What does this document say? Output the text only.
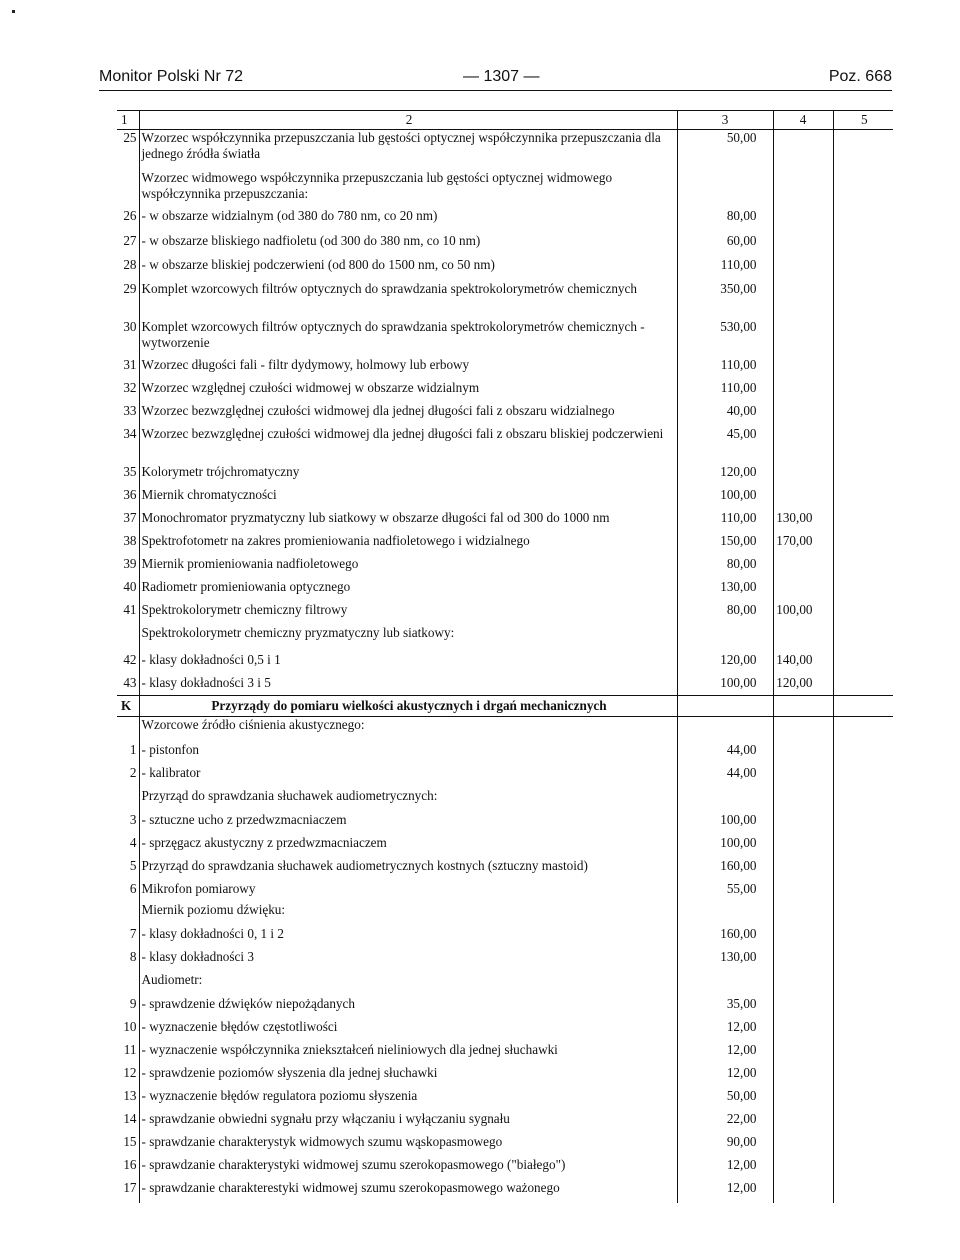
Monitor Polski Nr 72	— 1307 —	Poz. 668
1	2	3	4	5
25	Wzorzec współczynnika przepuszczania lub gęstości optycznej współczynnika przepuszczania dla jednego źródła światła	50,00		
	Wzorzec widmowego współczynnika przepuszczania lub gęstości optycznej widmowego współczynnika przepuszczania:			
26	- w obszarze widzialnym (od 380 do 780 nm, co 20 nm)	80,00		
27	- w obszarze bliskiego nadfioletu (od 300 do 380 nm, co 10 nm)	60,00		
28	- w obszarze bliskiej podczerwieni (od 800 do 1500 nm, co 50 nm)	110,00		
29	Komplet wzorcowych filtrów optycznych do sprawdzania spektrokolorymetrów chemicznych	350,00		
30	Komplet wzorcowych filtrów optycznych do sprawdzania spektrokolorymetrów chemicznych - wytworzenie	530,00		
31	Wzorzec długości fali - filtr dydymowy, holmowy lub erbowy	110,00		
32	Wzorzec względnej czułości widmowej w obszarze widzialnym	110,00		
33	Wzorzec bezwzględnej czułości widmowej dla jednej długości fali z obszaru widzialnego	40,00		
34	Wzorzec bezwzględnej czułości widmowej dla jednej długości fali z obszaru bliskiej podczerwieni	45,00		
35	Kolorymetr trójchromatyczny	120,00		
36	Miernik chromatyczności	100,00		
37	Monochromator pryzmatyczny lub siatkowy w obszarze długości fal od 300 do 1000 nm	110,00	130,00	
38	Spektrofotometr na zakres promieniowania nadfioletowego i widzialnego	150,00	170,00	
39	Miernik promieniowania nadfioletowego	80,00		
40	Radiometr promieniowania optycznego	130,00		
41	Spektrokolorymetr chemiczny filtrowy	80,00	100,00	
	Spektrokolorymetr chemiczny pryzmatyczny lub siatkowy:			
42	- klasy dokładności 0,5 i 1	120,00	140,00	
43	- klasy dokładności 3 i 5	100,00	120,00	
K	Przyrządy do pomiaru wielkości akustycznych i drgań mechanicznych			
	Wzorcowe źródło ciśnienia akustycznego:			
1	- pistonfon	44,00		
2	- kalibrator	44,00		
	Przyrząd do sprawdzania słuchawek audiometrycznych:			
3	- sztuczne ucho z przedwzmacniaczem	100,00		
4	- sprzęgacz akustyczny z przedwzmacniaczem	100,00		
5	Przyrząd do sprawdzania słuchawek audiometrycznych kostnych (sztuczny mastoid)	160,00		
6	Mikrofon pomiarowy	55,00		
	Miernik poziomu dźwięku:			
7	- klasy dokładności 0, 1 i 2	160,00		
8	- klasy dokładności 3	130,00		
	Audiometr:			
9	- sprawdzenie dźwięków niepożądanych	35,00		
10	- wyznaczenie błędów częstotliwości	12,00		
11	- wyznaczenie współczynnika zniekształceń nieliniowych dla jednej słuchawki	12,00		
12	- sprawdzenie poziomów słyszenia dla jednej słuchawki	12,00		
13	- wyznaczenie błędów regulatora poziomu słyszenia	50,00		
14	- sprawdzanie obwiedni sygnału przy włączaniu i wyłączaniu sygnału	22,00		
15	- sprawdzanie charakterystyk widmowych szumu wąskopasmowego	90,00		
16	- sprawdzanie charakterystyki widmowej szumu szerokopasmowego ("białego")	12,00		
17	- sprawdzanie charakterestyki widmowej szumu szerokopasmowego ważonego	12,00		
